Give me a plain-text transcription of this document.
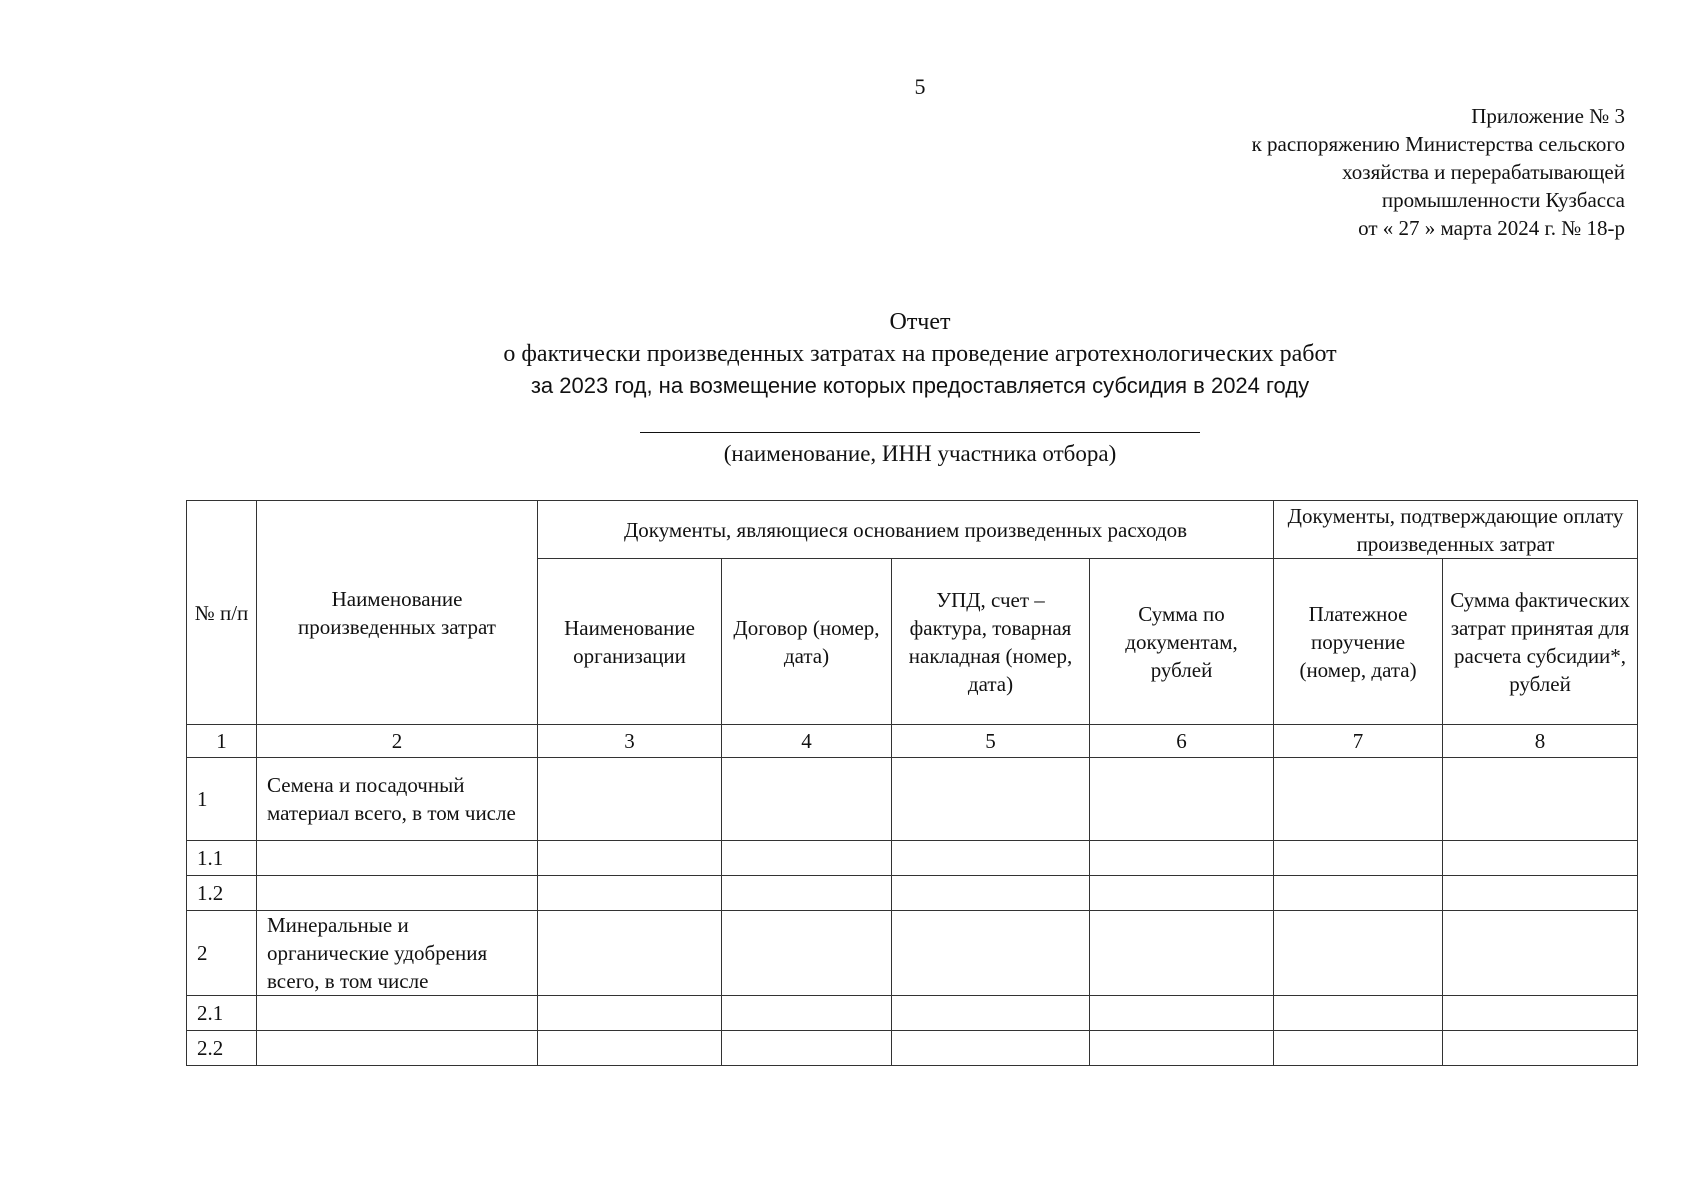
5
Приложение № 3
к распоряжению Министерства сельского
хозяйства и перерабатывающей
промышленности Кузбасса
от « 27 » марта 2024 г. № 18-р
Отчет
о фактически произведенных затратах на проведение агротехнологических работ
за 2023 год, на возмещение которых предоставляется субсидия в 2024 году
(наименование, ИНН участника отбора)
№ п/п	Наименование произведенных затрат	Документы, являющиеся основанием произведенных расходов				Документы, подтверждающие оплату произведенных затрат	
		Наименование организации	Договор (номер, дата)	УПД, счет – фактура, товарная накладная (номер, дата)	Сумма по документам, рублей	Платежное поручение (номер, дата)	Сумма фактических затрат принятая для расчета субсидии*, рублей
1	2	3	4	5	6	7	8
1	Семена и посадочный материал всего, в том числе						
1.1							
1.2							
2	Минеральные и органические удобрения всего, в том числе						
2.1							
2.2							
